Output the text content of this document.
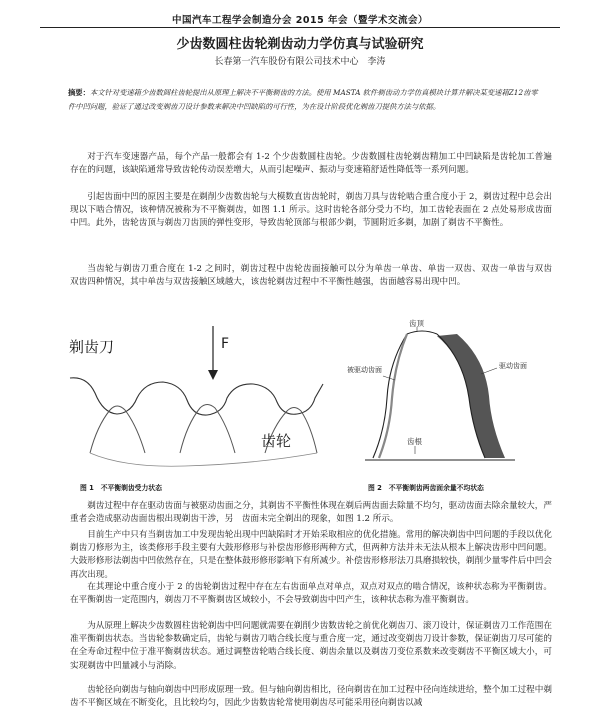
中国汽车工程学会制造分会 2015 年会（暨学术交流会）
少齿数圆柱齿轮剃齿动力学仿真与试验研究
长春第一汽车股份有限公司技术中心　李涛
摘要：本文针对变速箱少齿数圆柱齿轮提出从原理上解决不平衡剃齿的方法。使用 MASTA 软件剃齿动力学仿真模块计算并解决某变速箱Z12齿零件中凹问题，验证了通过改变剃齿刀设计参数来解决中凹缺陷的可行性，为在设计阶段优化剃齿刀提供方法与依据。
对于汽车变速器产品，每个产品一般都会有 1-2 个少齿数圆柱齿轮。少齿数圆柱齿轮剃齿精加工中凹缺陷是齿轮加工普遍存在的问题，该缺陷通常导致齿轮传动误差增大，从而引起噪声、振动与变速箱舒适性降低等一系列问题。
引起齿面中凹的原因主要是在剃削少齿数齿轮与大模数直齿齿轮时，剃齿刀具与齿轮啮合重合度小于 2，剃齿过程中总会出现以下啮合情况，该种情况被称为不平衡剃齿，如图 1.1 所示。这时齿轮各部分受力不均，加工齿轮表面在 2 点处易形成齿面中凹。此外，齿轮齿顶与剃齿刀齿顶的弹性变形，导致齿轮顶部与根部少剃，节圆附近多剃，加剧了剃齿不平衡性。
当齿轮与剃齿刀重合度在 1-2 之间时，剃齿过程中齿轮齿面接触可以分为单齿一单齿、单齿一双齿、双齿一单齿与双齿　双齿四种情况，其中单齿与双齿接触区域越大，该齿轮剃齿过程中不平衡性越强，齿面越容易出现中凹。
F
剃齿刀
齿轮
齿顶
被驱动齿面	驱动齿面
齿根
图 1　不平衡剃齿受力状态	图 2　不平衡剃齿两齿面余量不均状态
剃齿过程中存在驱动齿面与被驱动齿面之分，其剃齿不平衡性体现在剃后两齿面去除量不均匀，驱动齿面去除余量较大，严重者会造成驱动齿面齿根出现剃齿干涉，另　齿面未完全剃出的现象，如图 1.2 所示。
目前生产中只有当剃齿加工中发现齿轮出现中凹缺陷时才开始采取相应的优化措施。常用的解决剃齿中凹问题的手段以优化剃齿刀修形为主，该类修形手段主要有大鼓形修形与补偿齿形修形两种方式，但两种方法并未无法从根本上解决齿形中凹问题。大鼓形修形法剃齿中凹依然存在，只是在整体鼓形修形影响下有所减少。补偿齿形修形法刀具磨损较快，剃削少量零件后中凹会再次出现。
在其理论中重合度小于 2 的齿轮剃齿过程中存在左右齿面单点对单点，双点对双点的啮合情况，该种状态称为平衡剃齿。在平衡剃齿一定范围内，剃齿刀不平衡剃齿区域较小，不会导致剃齿中凹产生，该种状态称为准平衡剃齿。
为从原理上解决少齿数圆柱齿轮剃齿中凹问题就需要在剃削少齿数齿轮之前优化剃齿刀、滚刀设计，保证剃齿刀工作范围在准平衡剃齿状态。当齿轮参数确定后，齿轮与剃齿刀啮合线长度与重合度一定，通过改变剃齿刀设计参数，保证剃齿刀尽可能的在全寿命过程中位于准平衡剃齿状态。通过调整齿轮啮合线长度、剃齿余量以及剃齿刀变位系数来改变剃齿不平衡区域大小，可实现剃齿中凹量减小与消除。
齿轮径向剃齿与轴向剃齿中凹形成原理一致。但与轴向剃齿相比，径向剃齿在加工过程中径向连续进给，整个加工过程中剃齿不平衡区域在不断变化，且比较均匀，因此少齿数齿轮常使用剃齿尽可能采用径向剃齿以减
